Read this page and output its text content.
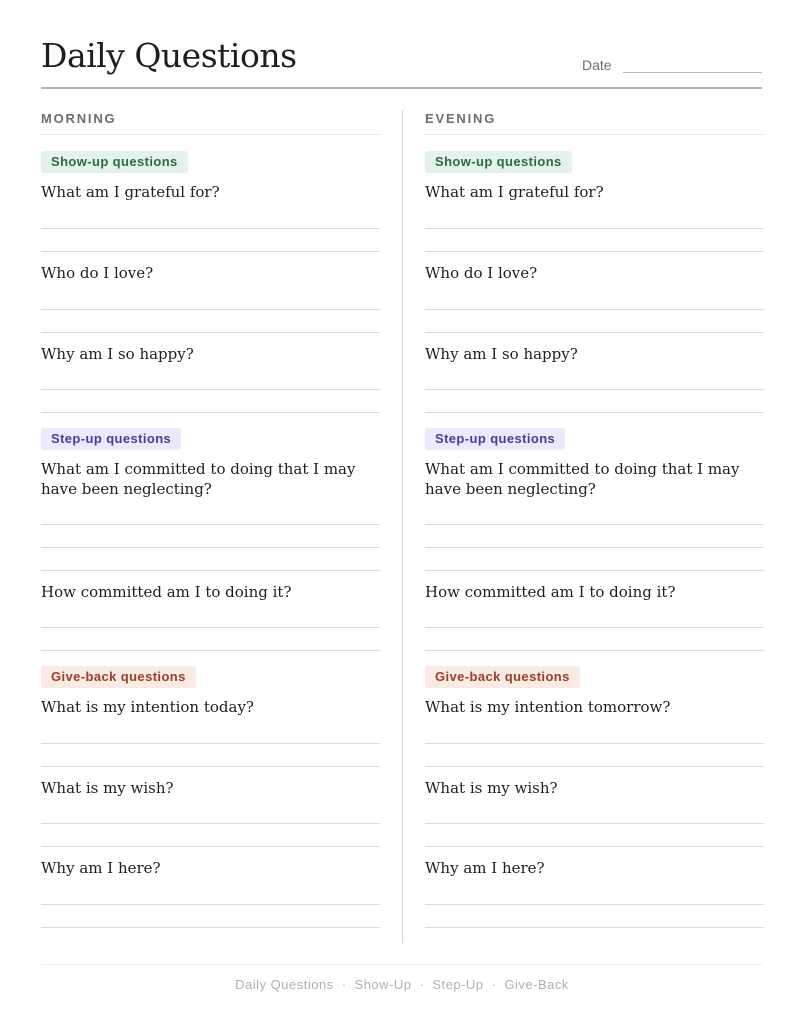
Daily Questions	Date
MORNING
Show-up questions
What am I grateful for?
Who do I love?
Why am I so happy?
Step-up questions
What am I committed to doing that I may have been neglecting?
How committed am I to doing it?
Give-back questions
What is my intention today?
What is my wish?
Why am I here?
EVENING
Show-up questions
What am I grateful for?
Who do I love?
Why am I so happy?
Step-up questions
What am I committed to doing that I may have been neglecting?
How committed am I to doing it?
Give-back questions
What is my intention tomorrow?
What is my wish?
Why am I here?
Daily Questions · Show-Up · Step-Up · Give-Back
